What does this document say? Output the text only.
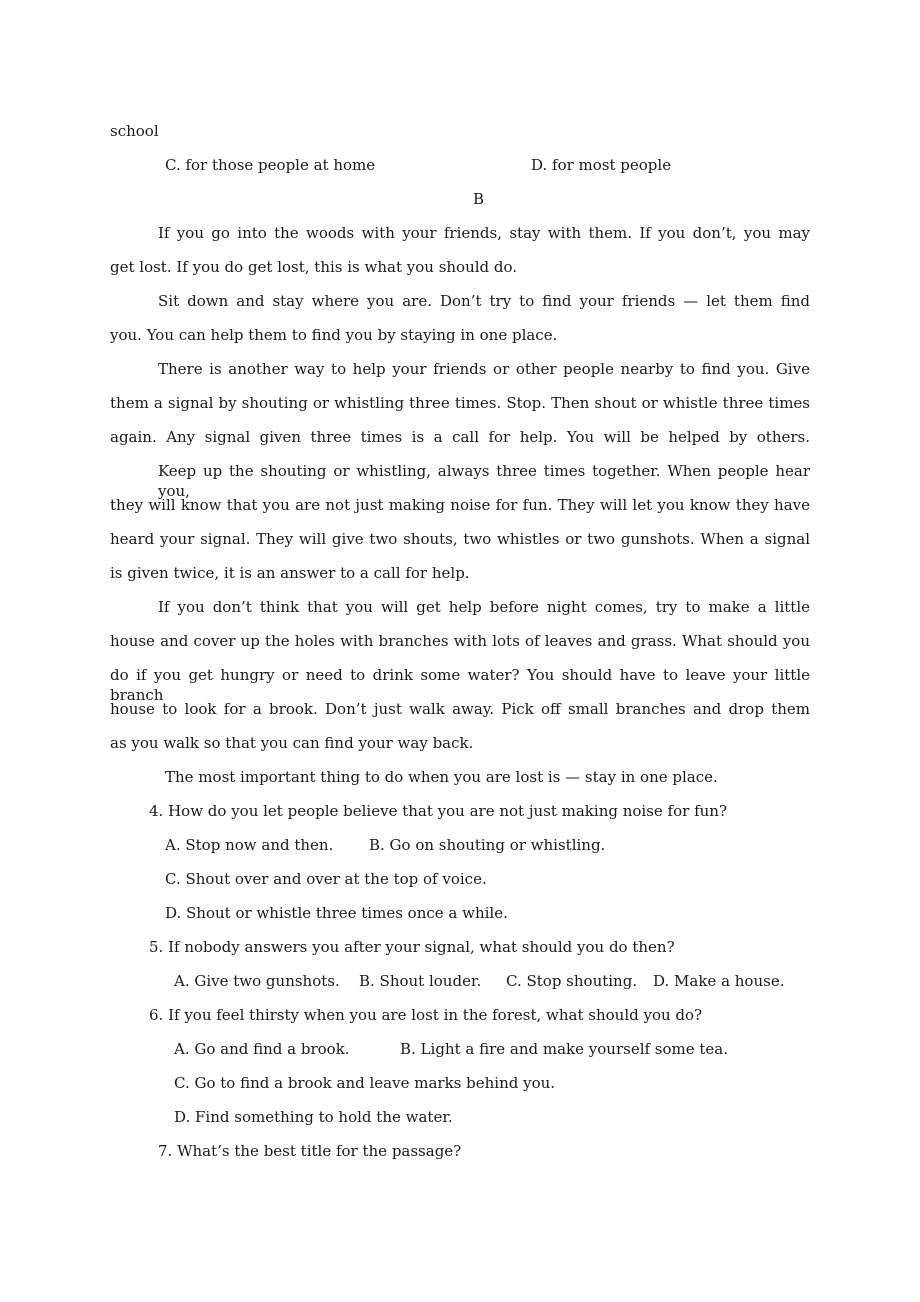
school
C. for those people at home	D. for most people
B
If you go into the woods with your friends, stay with them. If you don’t, you may
get lost. If you do get lost, this is what you should do.
Sit down and stay where you are. Don’t try to find your friends — let them find
you. You can help them to find you by staying in one place.
There is another way to help your friends or other people nearby to find you. Give
them a signal by shouting or whistling three times. Stop. Then shout or whistle three times
again. Any signal given three times is a call for help. You will be helped by others.
Keep up the shouting or whistling, always three times together. When people hear you,
they will know that you are not just making noise for fun. They will let you know they have
heard your signal. They will give two shouts, two whistles or two gunshots. When a signal
is given twice, it is an answer to a call for help.
If you don’t think that you will get help before night comes, try to make a little
house and cover up the holes with branches with lots of leaves and grass. What should you
do if you get hungry or need to drink some water? You should have to leave your little branch
house to look for a brook. Don’t just walk away. Pick off small branches and drop them
as you walk so that you can find your way back.
The most important thing to do when you are lost is — stay in one place.
4. How do you let people believe that you are not just making noise for fun?
A. Stop now and then. B. Go on shouting or whistling.
C. Shout over and over at the top of voice.
D. Shout or whistle three times once a while.
5. If nobody answers you after your signal, what should you do then?
A. Give two gunshots. B. Shout louder. C. Stop shouting. D. Make a house.
6. If you feel thirsty when you are lost in the forest, what should you do?
A. Go and find a brook.	B. Light a fire and make yourself some tea.
C. Go to find a brook and leave marks behind you.
D. Find something to hold the water.
7. What’s the best title for the passage?
